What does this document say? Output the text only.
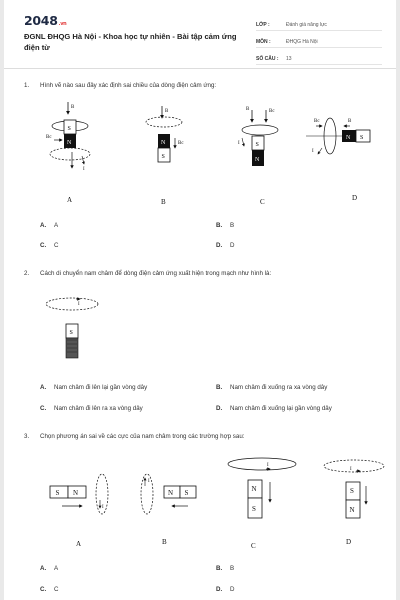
2048.vn
ĐGNL ĐHQG Hà Nội - Khoa học tự nhiên - Bài tập cảm ứng điện từ
LỚP :	Đánh giá năng lực
MÔN :	ĐHQG Hà Nội
SỐ CÂU :	13
1. Hình vẽ nào sau đây xác định sai chiều của dòng điện cảm ứng:
B
S
N
Bc
I
A
B
N
S
Bc
B
B	Bc
I	S
N
C
Bc	B
N S
I
D
A. A	B. B
C. C	D. D
2. Cách di chuyển nam châm để dòng điện cảm ứng xuất hiện trong mạch như hình là:
I
S
A. Nam châm đi lên lại gần vòng dây	B. Nam châm đi xuống ra xa vòng dây
C. Nam châm đi lên ra xa vòng dây	D. Nam châm đi xuống lại gần vòng dây
3. Chọn phương án sai về các cực của nam châm trong các trường hợp sau:
S N
I
A
I
N S
B
I
N
S
C
I
S
N
D
A. A	B. B
C. C	D. D
